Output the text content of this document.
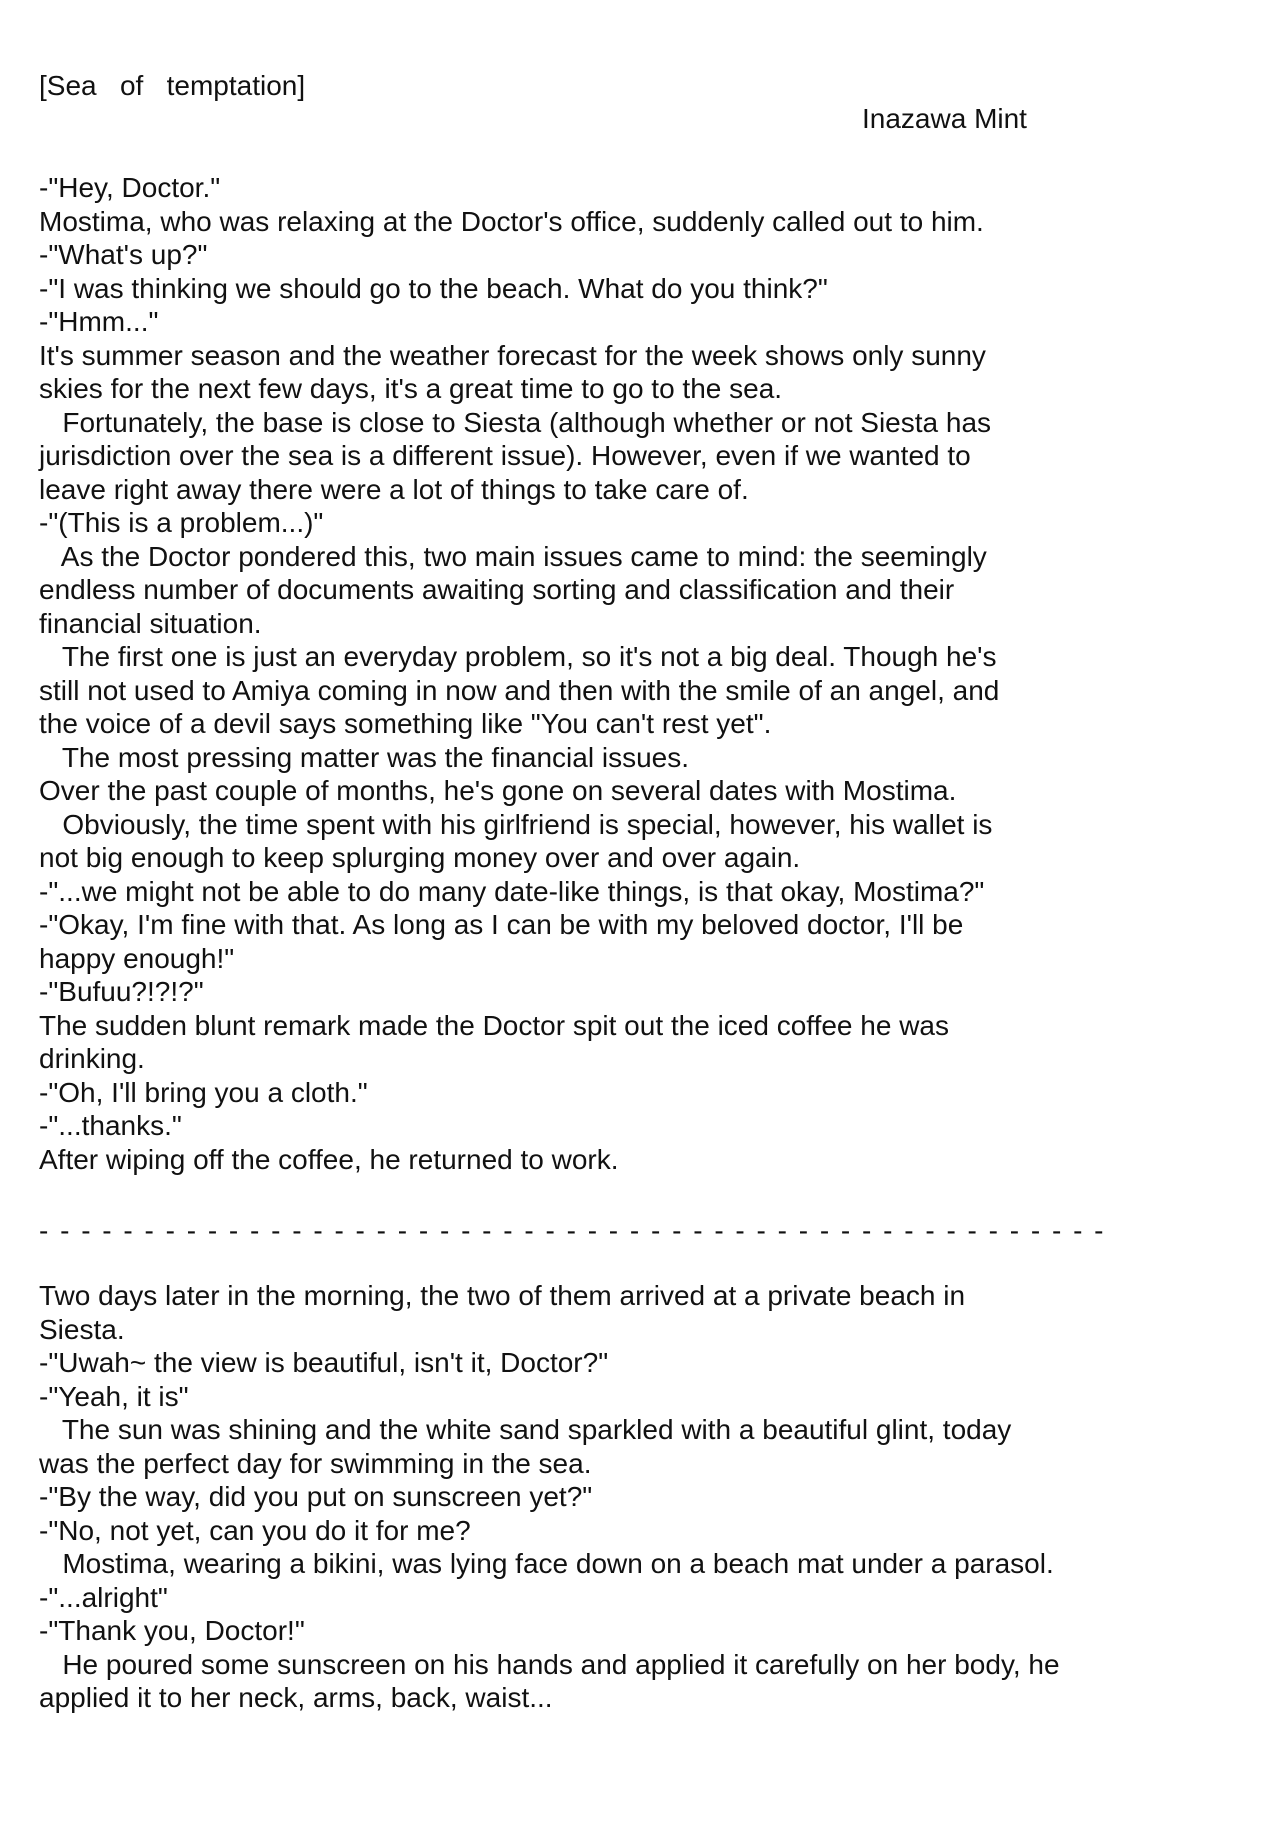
[Sea   of   temptation]
Inazawa Mint
-"Hey, Doctor."
Mostima, who was relaxing at the Doctor's office, suddenly called out to him.
-"What's up?"
-"I was thinking we should go to the beach. What do you think?"
-"Hmm..."
It's summer season and the weather forecast for the week shows only sunny
skies for the next few days, it's a great time to go to the sea.
Fortunately, the base is close to Siesta (although whether or not Siesta has
jurisdiction over the sea is a different issue). However, even if we wanted to
leave right away there were a lot of things to take care of.
-"(This is a problem...)"
As the Doctor pondered this, two main issues came to mind: the seemingly
endless number of documents awaiting sorting and classification and their
financial situation.
The first one is just an everyday problem, so it's not a big deal. Though he's
still not used to Amiya coming in now and then with the smile of an angel, and
the voice of a devil says something like "You can't rest yet".
The most pressing matter was the financial issues.
Over the past couple of months, he's gone on several dates with Mostima.
Obviously, the time spent with his girlfriend is special, however, his wallet is
not big enough to keep splurging money over and over again.
-"...we might not be able to do many date-like things, is that okay, Mostima?"
-"Okay, I'm fine with that. As long as I can be with my beloved doctor, I'll be
happy enough!"
-"Bufuu?!?!?"
The sudden blunt remark made the Doctor spit out the iced coffee he was
drinking.
-"Oh, I'll bring you a cloth."
-"...thanks."
After wiping off the coffee, he returned to work.
- - - - - - - - - - - - - - - - - - - - - - - - - - - - - - - - - - - - - - - - - - - - - - - - - - -
Two days later in the morning, the two of them arrived at a private beach in
Siesta.
-"Uwah~ the view is beautiful, isn't it, Doctor?"
-"Yeah, it is"
The sun was shining and the white sand sparkled with a beautiful glint, today
was the perfect day for swimming in the sea.
-"By the way, did you put on sunscreen yet?"
-"No, not yet, can you do it for me?
Mostima, wearing a bikini, was lying face down on a beach mat under a parasol.
-"...alright"
-"Thank you, Doctor!"
He poured some sunscreen on his hands and applied it carefully on her body, he
applied it to her neck, arms, back, waist...
